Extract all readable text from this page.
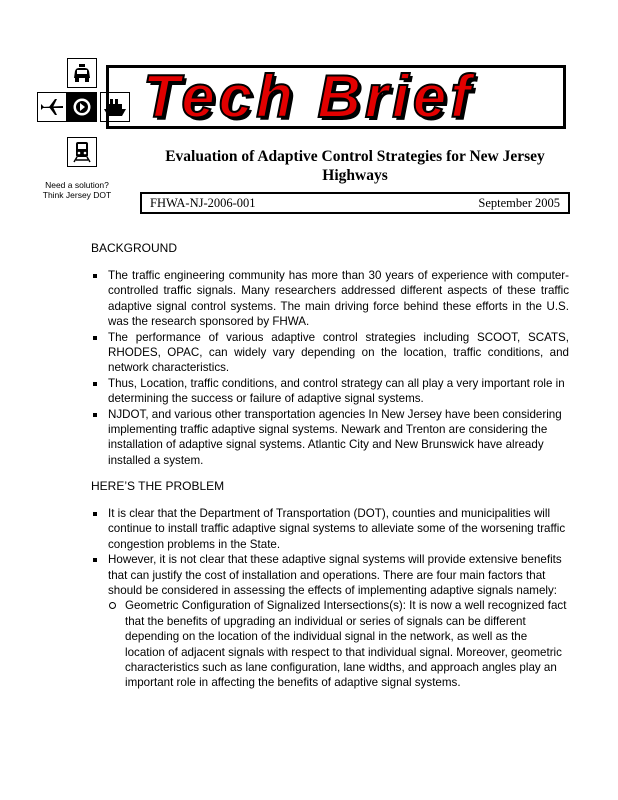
Tech Brief
Evaluation of Adaptive Control Strategies for New Jersey Highways
Need a solution?
Think Jersey DOT
FHWA-NJ-2006-001	September 2005
BACKGROUND
The traffic engineering community has more than 30 years of experience with computer-controlled traffic signals. Many researchers addressed different aspects of these traffic adaptive signal control systems. The main driving force behind these efforts in the U.S. was the research sponsored by FHWA.
The performance of various adaptive control strategies including SCOOT, SCATS, RHODES, OPAC, can widely vary depending on the location, traffic conditions, and network characteristics.
Thus, Location, traffic conditions, and control strategy can all play a very important role in determining the success or failure of adaptive signal systems.
NJDOT, and various other transportation agencies In New Jersey have been considering implementing traffic adaptive signal systems. Newark and Trenton are considering the installation of adaptive signal systems. Atlantic City and New Brunswick have already installed a system.
HERE’S THE PROBLEM
It is clear that the Department of Transportation (DOT), counties and municipalities will continue to install traffic adaptive signal systems to alleviate some of the worsening traffic congestion problems in the State.
However, it is not clear that these adaptive signal systems will provide extensive benefits that can justify the cost of installation and operations. There are four main factors that should be considered in assessing the effects of implementing adaptive signals namely:
Geometric Configuration of Signalized Intersections(s): It is now a well recognized fact that the benefits of upgrading an individual or series of signals can be different depending on the location of the individual signal in the network, as well as the location of adjacent signals with respect to that individual signal. Moreover, geometric characteristics such as lane configuration, lane widths, and approach angles play an important role in affecting the benefits of adaptive signal systems.
